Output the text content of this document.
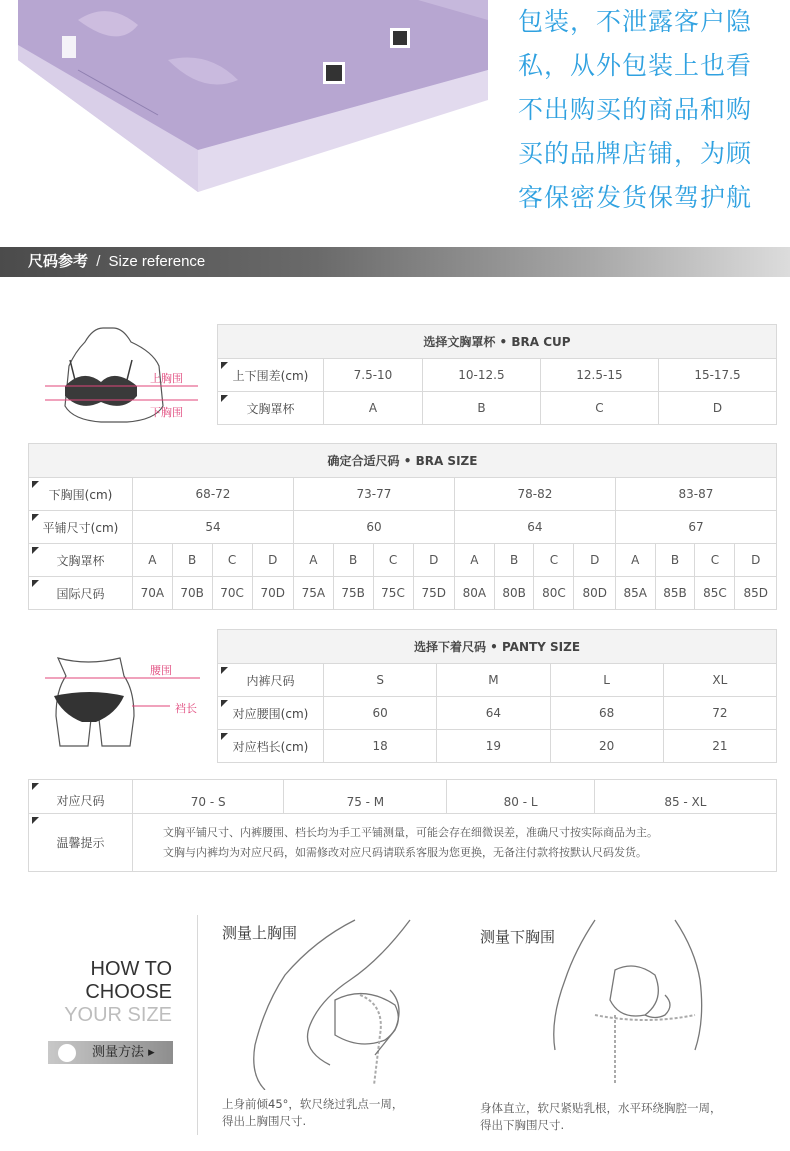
包装，不泄露客户隐
私，从外包装上也看
不出购买的商品和购
买的品牌店铺，为顾
客保密发货保驾护航
尺码参考 / Size reference
上胸围
下胸围
选择文胸罩杯 • BRA CUP				
上下围差(cm)	7.5-10	10-12.5	12.5-15	15-17.5
文胸罩杯	A	B	C	D
确定合适尺码 • BRA SIZE																
下胸围(cm)	68-72				73-77				78-82				83-87			
平铺尺寸(cm)	54				60				64				67			
文胸罩杯	A	B	C	D	A	B	C	D	A	B	C	D	A	B	C	D
国际尺码	70A	70B	70C	70D	75A	75B	75C	75D	80A	80B	80C	80D	85A	85B	85C	85D
腰围
裆长
选择下着尺码 • PANTY SIZE				
内裤尺码	S	M	L	XL
对应腰围(cm)	60	64	68	72
对应档长(cm)	18	19	20	21
对应尺码	70 - S	75 - M	80 - L	85 - XL
温馨提示	文胸平铺尺寸、内裤腰围、档长均为手工平铺测量，可能会存在细微误差，准确尺寸按实际商品为主。
文胸与内裤均为对应尺码，如需修改对应尺码请联系客服为您更换，无备注付款将按默认尺码发货。			
HOW TO
CHOOSE
YOUR SIZE
测量方法 ▸
测量上胸围
上身前倾45°，软尺绕过乳点一周，
得出上胸围尺寸.
测量下胸围
身体直立，软尺紧贴乳根，水平环绕胸腔一周，
得出下胸围尺寸.
